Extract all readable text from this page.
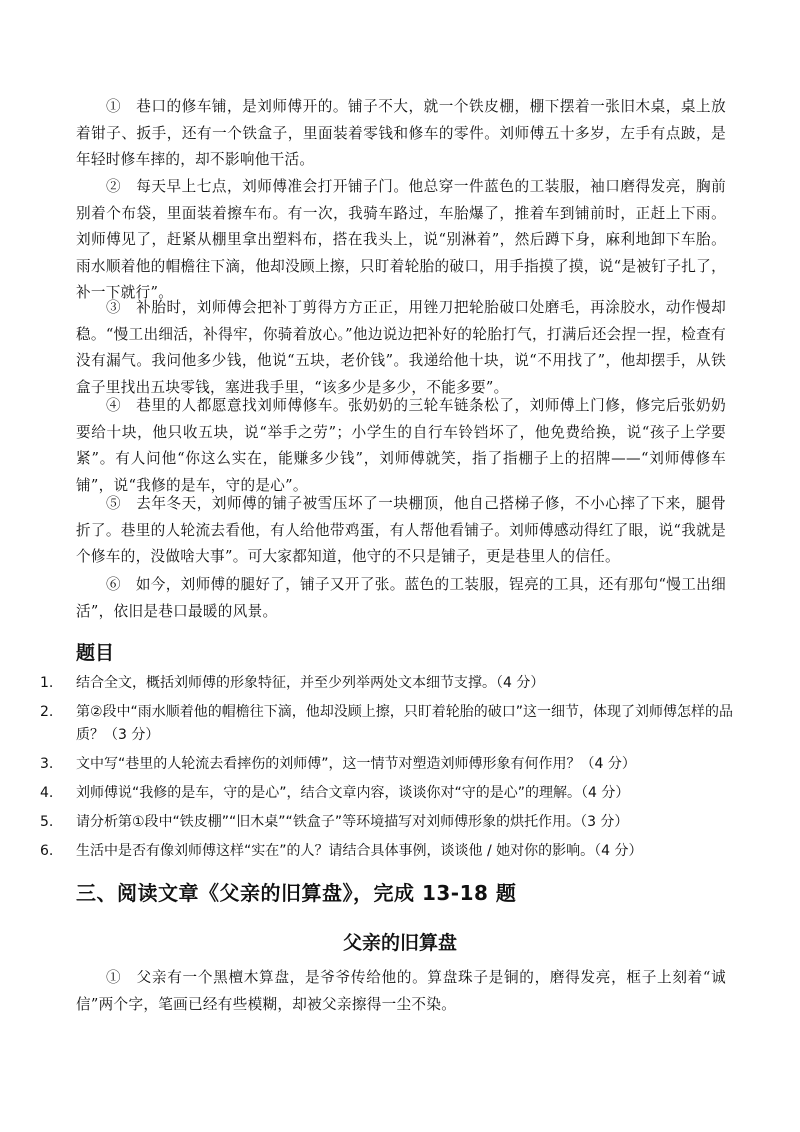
①　巷口的修车铺，是刘师傅开的。铺子不大，就一个铁皮棚，棚下摆着一张旧木桌，桌上放着钳子、扳手，还有一个铁盒子，里面装着零钱和修车的零件。刘师傅五十多岁，左手有点跛，是年轻时修车摔的，却不影响他干活。

②　每天早上七点，刘师傅准会打开铺子门。他总穿一件蓝色的工装服，袖口磨得发亮，胸前别着个布袋，里面装着擦车布。有一次，我骑车路过，车胎爆了，推着车到铺前时，正赶上下雨。刘师傅见了，赶紧从棚里拿出塑料布，搭在我头上，说“别淋着”，然后蹲下身，麻利地卸下车胎。雨水顺着他的帽檐往下滴，他却没顾上擦，只盯着轮胎的破口，用手指摸了摸，说“是被钉子扎了，补一下就行”。

③　补胎时，刘师傅会把补丁剪得方方正正，用锉刀把轮胎破口处磨毛，再涂胶水，动作慢却稳。“慢工出细活，补得牢，你骑着放心。”他边说边把补好的轮胎打气，打满后还会捏一捏，检查有没有漏气。我问他多少钱，他说“五块，老价钱”。我递给他十块，说“不用找了”，他却摆手，从铁盒子里找出五块零钱，塞进我手里，“该多少是多少，不能多要”。

④　巷里的人都愿意找刘师傅修车。张奶奶的三轮车链条松了，刘师傅上门修，修完后张奶奶要给十块，他只收五块，说“举手之劳”；小学生的自行车铃铛坏了，他免费给换，说“孩子上学要紧”。有人问他“你这么实在，能赚多少钱”，刘师傅就笑，指了指棚子上的招牌——“刘师傅修车铺”，说“我修的是车，守的是心”。

⑤　去年冬天，刘师傅的铺子被雪压坏了一块棚顶，他自己搭梯子修，不小心摔了下来，腿骨折了。巷里的人轮流去看他，有人给他带鸡蛋，有人帮他看铺子。刘师傅感动得红了眼，说“我就是个修车的，没做啥大事”。可大家都知道，他守的不只是铺子，更是巷里人的信任。

⑥　如今，刘师傅的腿好了，铺子又开了张。蓝色的工装服，锃亮的工具，还有那句“慢工出细活”，依旧是巷口最暖的风景。

题目
1.	结合全文，概括刘师傅的形象特征，并至少列举两处文本细节支撑。（4 分）
2.	第②段中“雨水顺着他的帽檐往下滴，他却没顾上擦，只盯着轮胎的破口”这一细节，体现了刘师傅怎样的品质？（3 分）
3.	文中写“巷里的人轮流去看摔伤的刘师傅”，这一情节对塑造刘师傅形象有何作用？（4 分）
4.	刘师傅说“我修的是车，守的是心”，结合文章内容，谈谈你对“守的是心”的理解。（4 分）
5.	请分析第①段中“铁皮棚”“旧木桌”“铁盒子”等环境描写对刘师傅形象的烘托作用。（3 分）
6.	生活中是否有像刘师傅这样“实在”的人？请结合具体事例，谈谈他 / 她对你的影响。（4 分）
三、阅读文章《父亲的旧算盘》，完成 13-18 题
父亲的旧算盘

①　父亲有一个黑檀木算盘，是爷爷传给他的。算盘珠子是铜的，磨得发亮，框子上刻着“诚信”两个字，笔画已经有些模糊，却被父亲擦得一尘不染。
